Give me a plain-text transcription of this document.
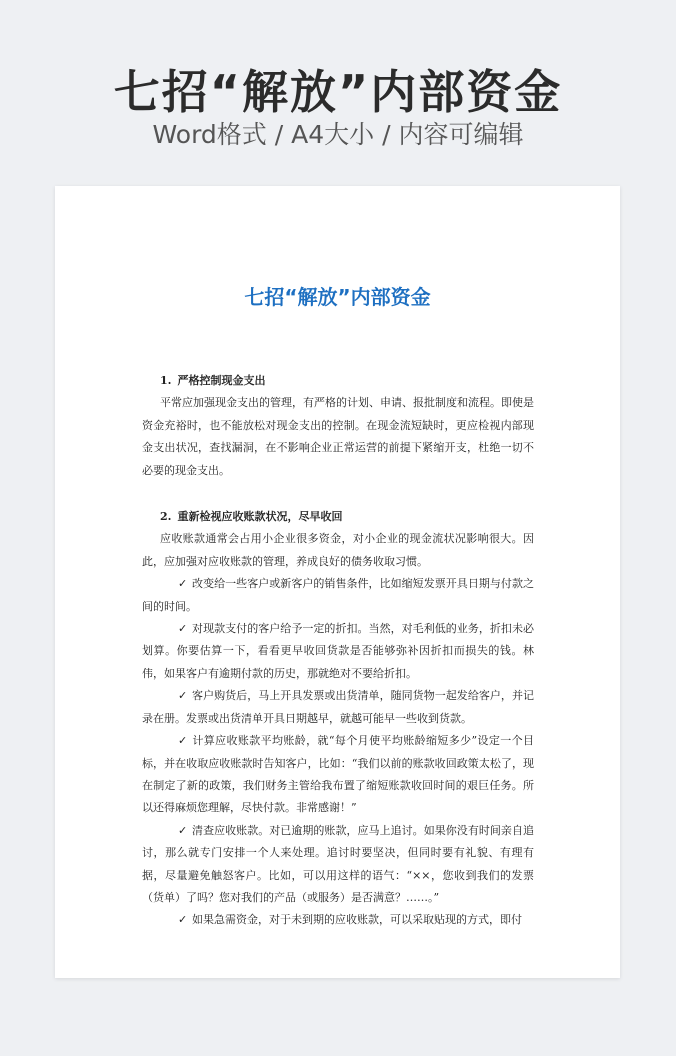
七招“解放”内部资金
Word格式 / A4大小 / 内容可编辑
七招“解放”内部资金

1. 严格控制现金支出

平常应加强现金支出的管理，有严格的计划、申请、报批制度和流程。即使是资金充裕时，也不能放松对现金支出的控制。在现金流短缺时，更应检视内部现金支出状况，查找漏洞，在不影响企业正常运营的前提下紧缩开支，杜绝一切不必要的现金支出。

2. 重新检视应收账款状况，尽早收回

应收账款通常会占用小企业很多资金，对小企业的现金流状况影响很大。因此，应加强对应收账款的管理，养成良好的债务收取习惯。

✓ 改变给一些客户或新客户的销售条件，比如缩短发票开具日期与付款之间的时间。

✓ 对现款支付的客户给予一定的折扣。当然，对毛利低的业务，折扣未必划算。你要估算一下，看看更早收回货款是否能够弥补因折扣而损失的钱。林伟，如果客户有逾期付款的历史，那就绝对不要给折扣。

✓ 客户购货后，马上开具发票或出货清单，随同货物一起发给客户，并记录在册。发票或出货清单开具日期越早，就越可能早一些收到货款。

✓ 计算应收账款平均账龄，就“每个月使平均账龄缩短多少”设定一个目标，并在收取应收账款时告知客户，比如：“我们以前的账款收回政策太松了，现在制定了新的政策，我们财务主管给我布置了缩短账款收回时间的艰巨任务。所以还得麻烦您理解，尽快付款。非常感谢！”

✓ 清查应收账款。对已逾期的账款，应马上追讨。如果你没有时间亲自追讨，那么就专门安排一个人来处理。追讨时要坚决，但同时要有礼貌、有理有据，尽量避免触怒客户。比如，可以用这样的语气：“××，您收到我们的发票（货单）了吗？您对我们的产品（或服务）是否满意？……。”

✓ 如果急需资金，对于未到期的应收账款，可以采取贴现的方式，即付
